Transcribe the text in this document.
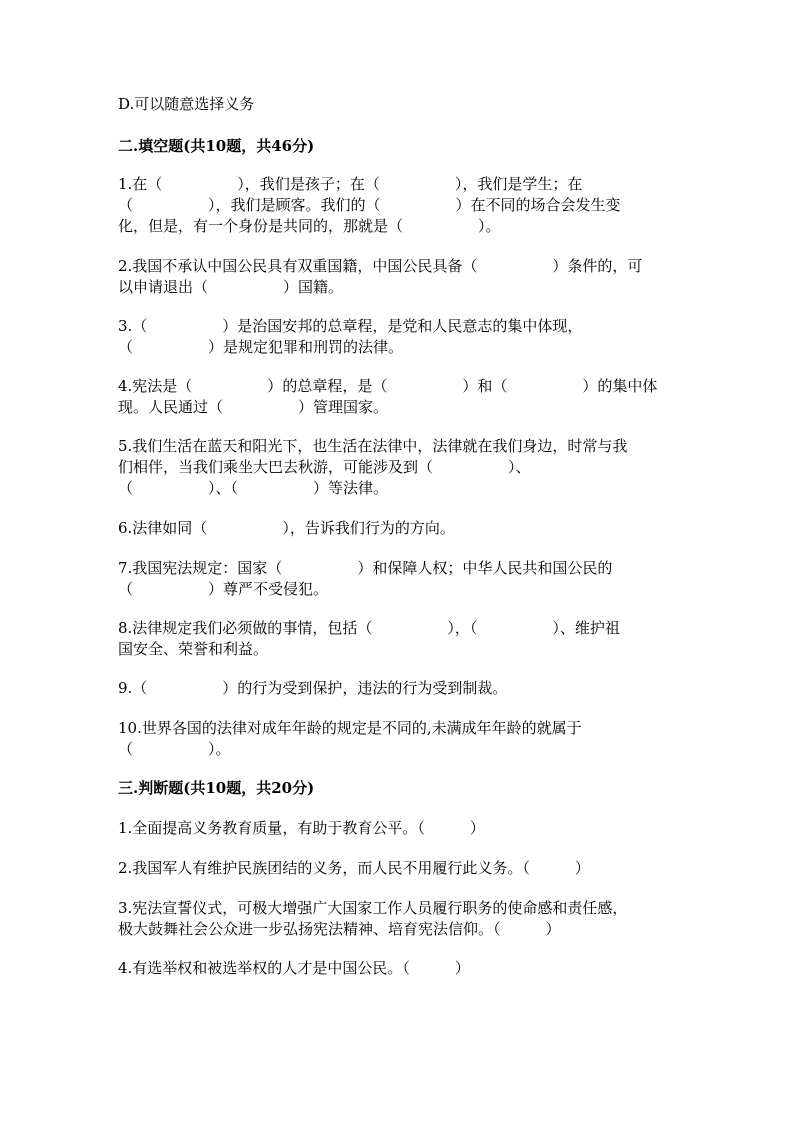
D.可以随意选择义务

二.填空题(共10题，共46分)

1.在（　　　　　），我们是孩子；在（　　　　　），我们是学生；在

（　　　　　），我们是顾客。我们的（　　　　　）在不同的场合会发生变

化，但是，有一个身份是共同的，那就是（　　　　　）。

2.我国不承认中国公民具有双重国籍，中国公民具备（　　　　　）条件的，可

以申请退出（　　　　　）国籍。

3.（　　　　　）是治国安邦的总章程，是党和人民意志的集中体现，

（　　　　　）是规定犯罪和刑罚的法律。

4.宪法是（　　　　　）的总章程，是（　　　　　）和（　　　　　）的集中体

现。人民通过（　　　　　）管理国家。

5.我们生活在蓝天和阳光下，也生活在法律中，法律就在我们身边，时常与我

们相伴，当我们乘坐大巴去秋游，可能涉及到（　　　　　）、

（　　　　　）、（　　　　　）等法律。

6.法律如同（　　　　　），告诉我们行为的方向。

7.我国宪法规定：国家（　　　　　）和保障人权；中华人民共和国公民的

（　　　　　）尊严不受侵犯。

8.法律规定我们必须做的事情，包括（　　　　　），（　　　　　）、维护祖

国安全、荣誉和利益。

9.（　　　　　）的行为受到保护，违法的行为受到制裁。

10.世界各国的法律对成年年龄的规定是不同的,未满成年年龄的就属于

（　　　　　）。

三.判断题(共10题，共20分)

1.全面提高义务教育质量，有助于教育公平。（　　　）

2.我国军人有维护民族团结的义务，而人民不用履行此义务。（　　　）

3.宪法宣誓仪式，可极大增强广大国家工作人员履行职务的使命感和责任感，

极大鼓舞社会公众进一步弘扬宪法精神、培育宪法信仰。（　　　）

4.有选举权和被选举权的人才是中国公民。（　　　）
